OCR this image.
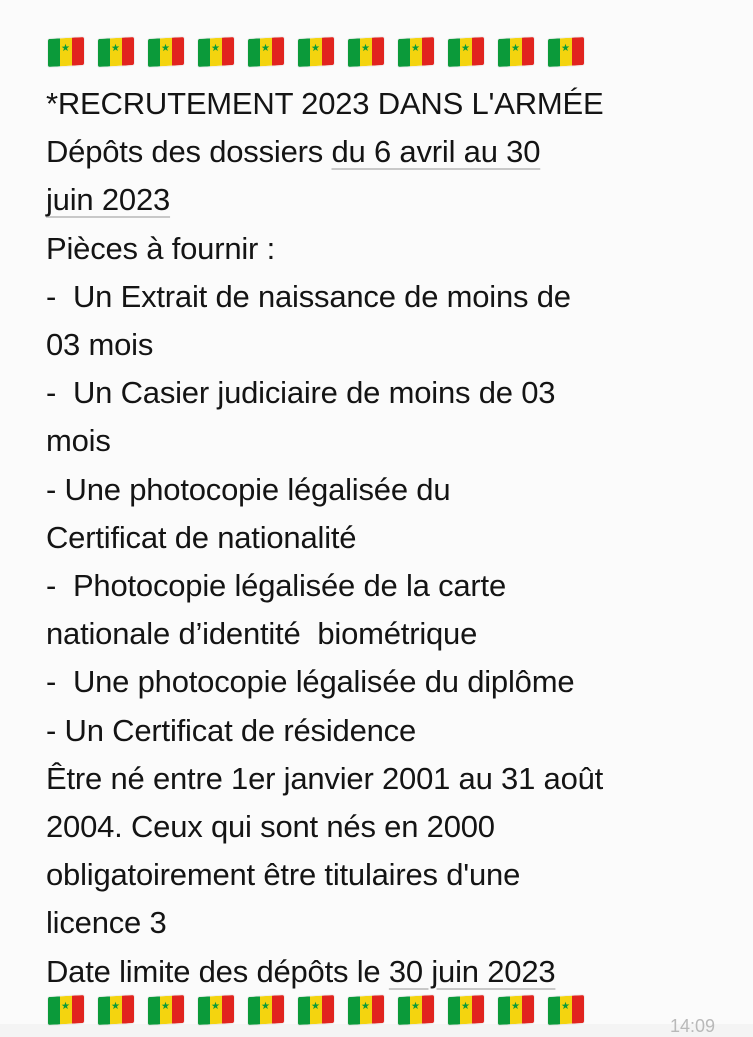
★
★
★
★
★
★
★
★
★
★
★
*RECRUTEMENT 2023 DANS L'ARMÉE
Dépôts des dossiers du 6 avril au 30
juin 2023
Pièces à fournir :
-  Un Extrait de naissance de moins de
03 mois
-  Un Casier judiciaire de moins de 03
mois
- Une photocopie légalisée du
Certificat de nationalité
-  Photocopie légalisée de la carte
nationale d’identité  biométrique
-  Une photocopie légalisée du diplôme
- Un Certificat de résidence
Être né entre 1er janvier 2001 au 31 août
2004. Ceux qui sont nés en 2000
obligatoirement être titulaires d'une
licence 3
Date limite des dépôts le 30 juin 2023
★
★
★
★
★
★
★
★
★
★
★
14:09
